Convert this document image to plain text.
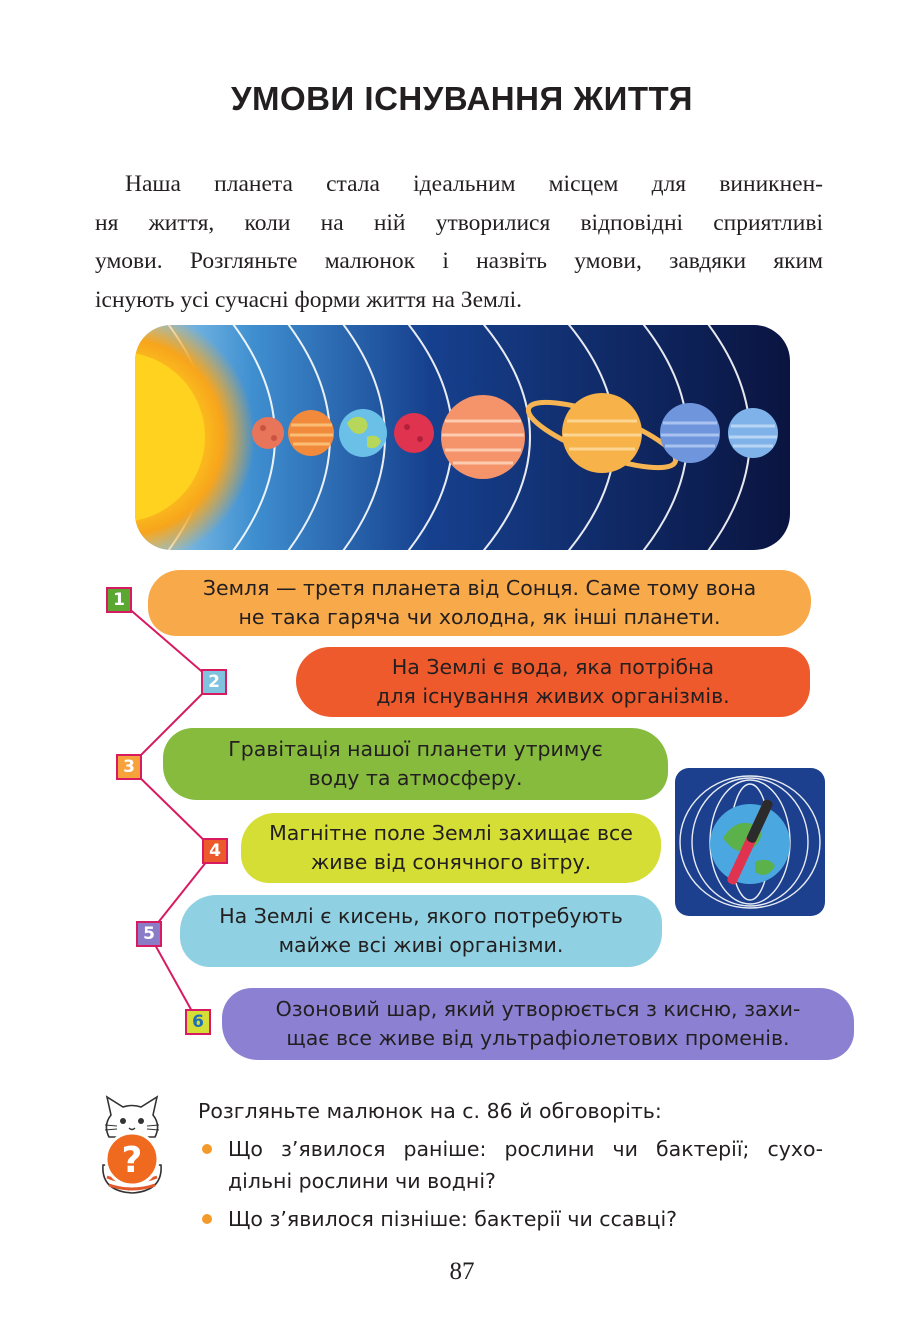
УМОВИ ІСНУВАННЯ ЖИТТЯ

Наша планета стала ідеальним місцем для виникнен-
ня життя, коли на ній утворилися відповідні сприятливі
умови. Розгляньте малюнок і назвіть умови, завдяки яким
існують усі сучасні форми життя на Землі.

Земля — третя планета від Сонця. Саме тому вона
не така гаряча чи холодна, як інші планети.
На Землі є вода, яка потрібна
для існування живих організмів.
Гравітація нашої планети утримує
воду та атмосферу.
Магнітне поле Землі захищає все
живе від сонячного вітру.
На Землі є кисень, якого потребують
майже всі живі організми.
Озоновий шар, який утворюється з кисню, захи-
щає все живе від ультрафіолетових променів.
1
2
3
4
5
6
?

Розгляньте малюнок на с. 86 й обговоріть:

Що з’явилося раніше: рослини чи бактерії; сухо-
дільні рослини чи водні?
Що з’явилося пізніше: бактерії чи ссавці?
87
